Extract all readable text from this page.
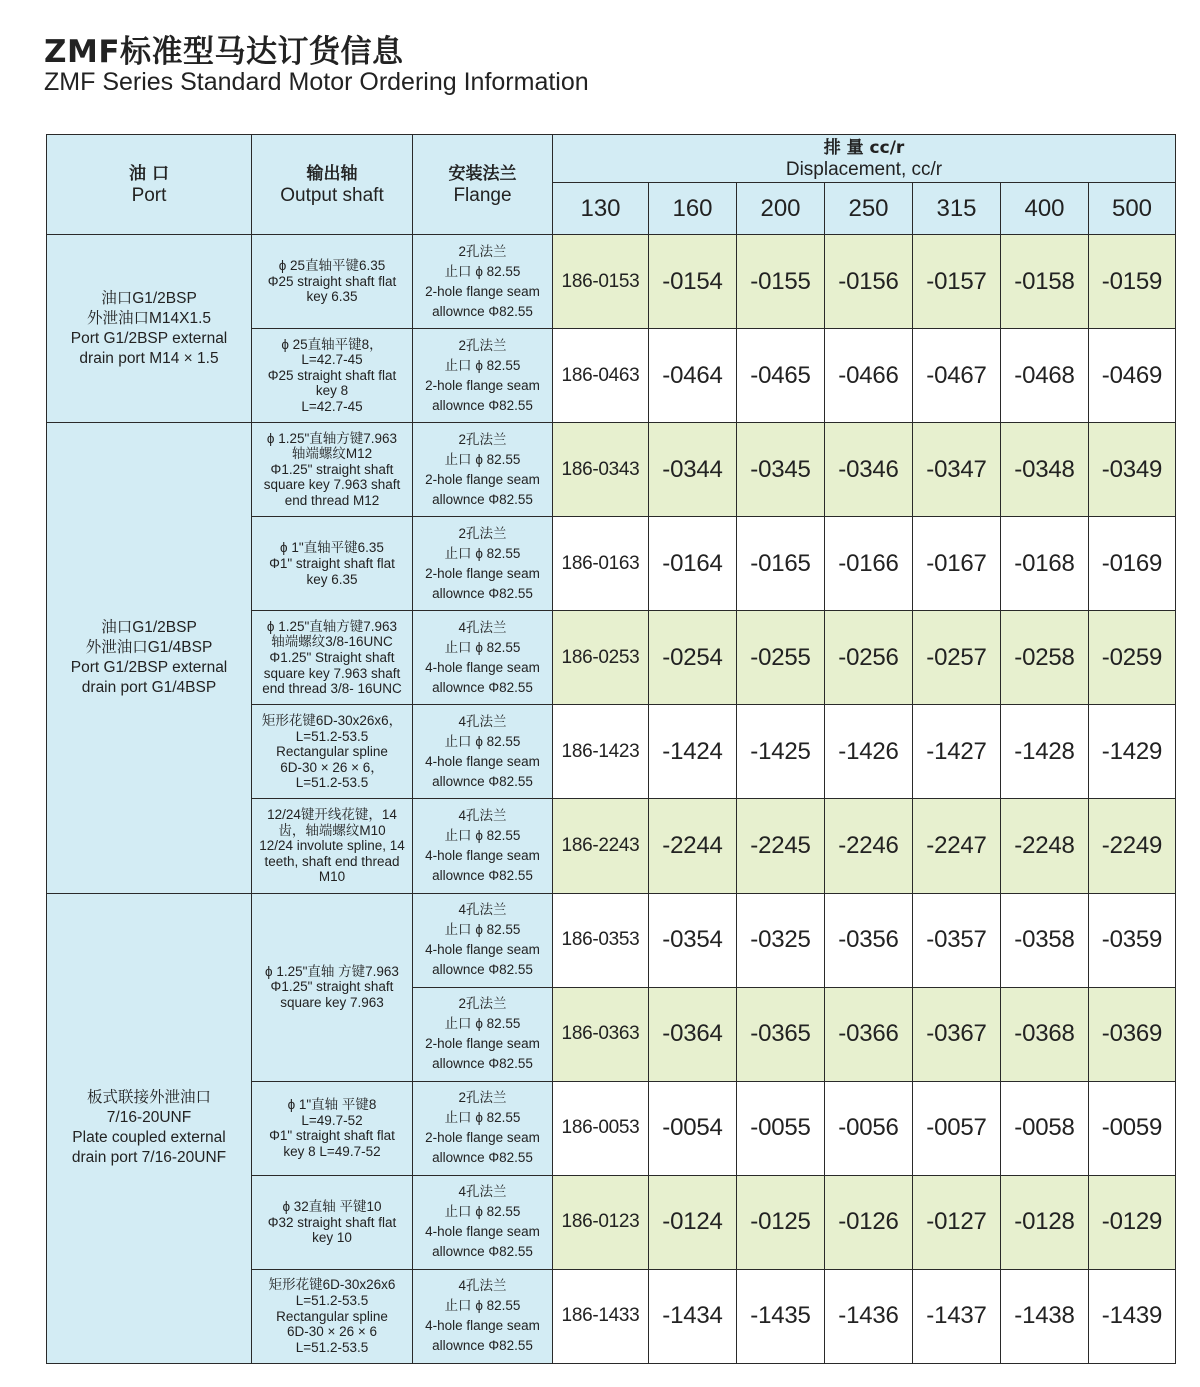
ZMF标准型马达订货信息
ZMF Series Standard Motor Ordering Information
油 口
Port	输出轴
Output shaft	安装法兰
Flange	排 量 cc/r
Displacement, cc/r						

			130	160	200	250	315	400	500

油口G1/2BSP
外泄油口M14X1.5
Port G1/2BSP external
drain port M14 × 1.5	ϕ 25直轴平键6.35
Φ25 straight shaft flat
key 6.35	2孔法兰
止口 ϕ 82.55
2-hole flange seam
allownce Φ82.55	186-0153	-0154	-0155	-0156	-0157	-0158	-0159

	ϕ 25直轴平键8，
L=42.7-45
Φ25 straight shaft flat
key 8
L=42.7-45	2孔法兰
止口 ϕ 82.55
2-hole flange seam
allownce Φ82.55	186-0463	-0464	-0465	-0466	-0467	-0468	-0469

油口G1/2BSP
外泄油口G1/4BSP
Port G1/2BSP external
drain port G1/4BSP	ϕ 1.25"直轴方键7.963
轴端螺纹M12
Φ1.25" straight shaft
square key 7.963 shaft
end thread M12	2孔法兰
止口 ϕ 82.55
2-hole flange seam
allownce Φ82.55	186-0343	-0344	-0345	-0346	-0347	-0348	-0349

	ϕ 1"直轴平键6.35
Φ1" straight shaft flat
key 6.35	2孔法兰
止口 ϕ 82.55
2-hole flange seam
allownce Φ82.55	186-0163	-0164	-0165	-0166	-0167	-0168	-0169

	ϕ 1.25"直轴方键7.963
轴端螺纹3/8-16UNC
Φ1.25" Straight shaft
square key 7.963 shaft
end thread 3/8- 16UNC	4孔法兰
止口 ϕ 82.55
4-hole flange seam
allownce Φ82.55	186-0253	-0254	-0255	-0256	-0257	-0258	-0259

	矩形花键6D-30x26x6，
L=51.2-53.5
Rectangular spline
6D-30 × 26 × 6，
L=51.2-53.5	4孔法兰
止口 ϕ 82.55
4-hole flange seam
allownce Φ82.55	186-1423	-1424	-1425	-1426	-1427	-1428	-1429

	12/24键开线花键，14
齿，轴端螺纹M10
12/24 involute spline, 14
teeth, shaft end thread
M10	4孔法兰
止口 ϕ 82.55
4-hole flange seam
allownce Φ82.55	186-2243	-2244	-2245	-2246	-2247	-2248	-2249

板式联接外泄油口
7/16-20UNF
Plate coupled external
drain port 7/16-20UNF	ϕ 1.25"直轴 方键7.963
Φ1.25" straight shaft
square key 7.963	4孔法兰
止口 ϕ 82.55
4-hole flange seam
allownce Φ82.55	186-0353	-0354	-0325	-0356	-0357	-0358	-0359

		2孔法兰
止口 ϕ 82.55
2-hole flange seam
allownce Φ82.55	186-0363	-0364	-0365	-0366	-0367	-0368	-0369

	ϕ 1"直轴 平键8
L=49.7-52
Φ1" straight shaft flat
key 8 L=49.7-52	2孔法兰
止口 ϕ 82.55
2-hole flange seam
allownce Φ82.55	186-0053	-0054	-0055	-0056	-0057	-0058	-0059

	ϕ 32直轴 平键10
Φ32 straight shaft flat
key 10	4孔法兰
止口 ϕ 82.55
4-hole flange seam
allownce Φ82.55	186-0123	-0124	-0125	-0126	-0127	-0128	-0129

	矩形花键6D-30x26x6
L=51.2-53.5
Rectangular spline
6D-30 × 26 × 6
L=51.2-53.5	4孔法兰
止口 ϕ 82.55
4-hole flange seam
allownce Φ82.55	186-1433	-1434	-1435	-1436	-1437	-1438	-1439
